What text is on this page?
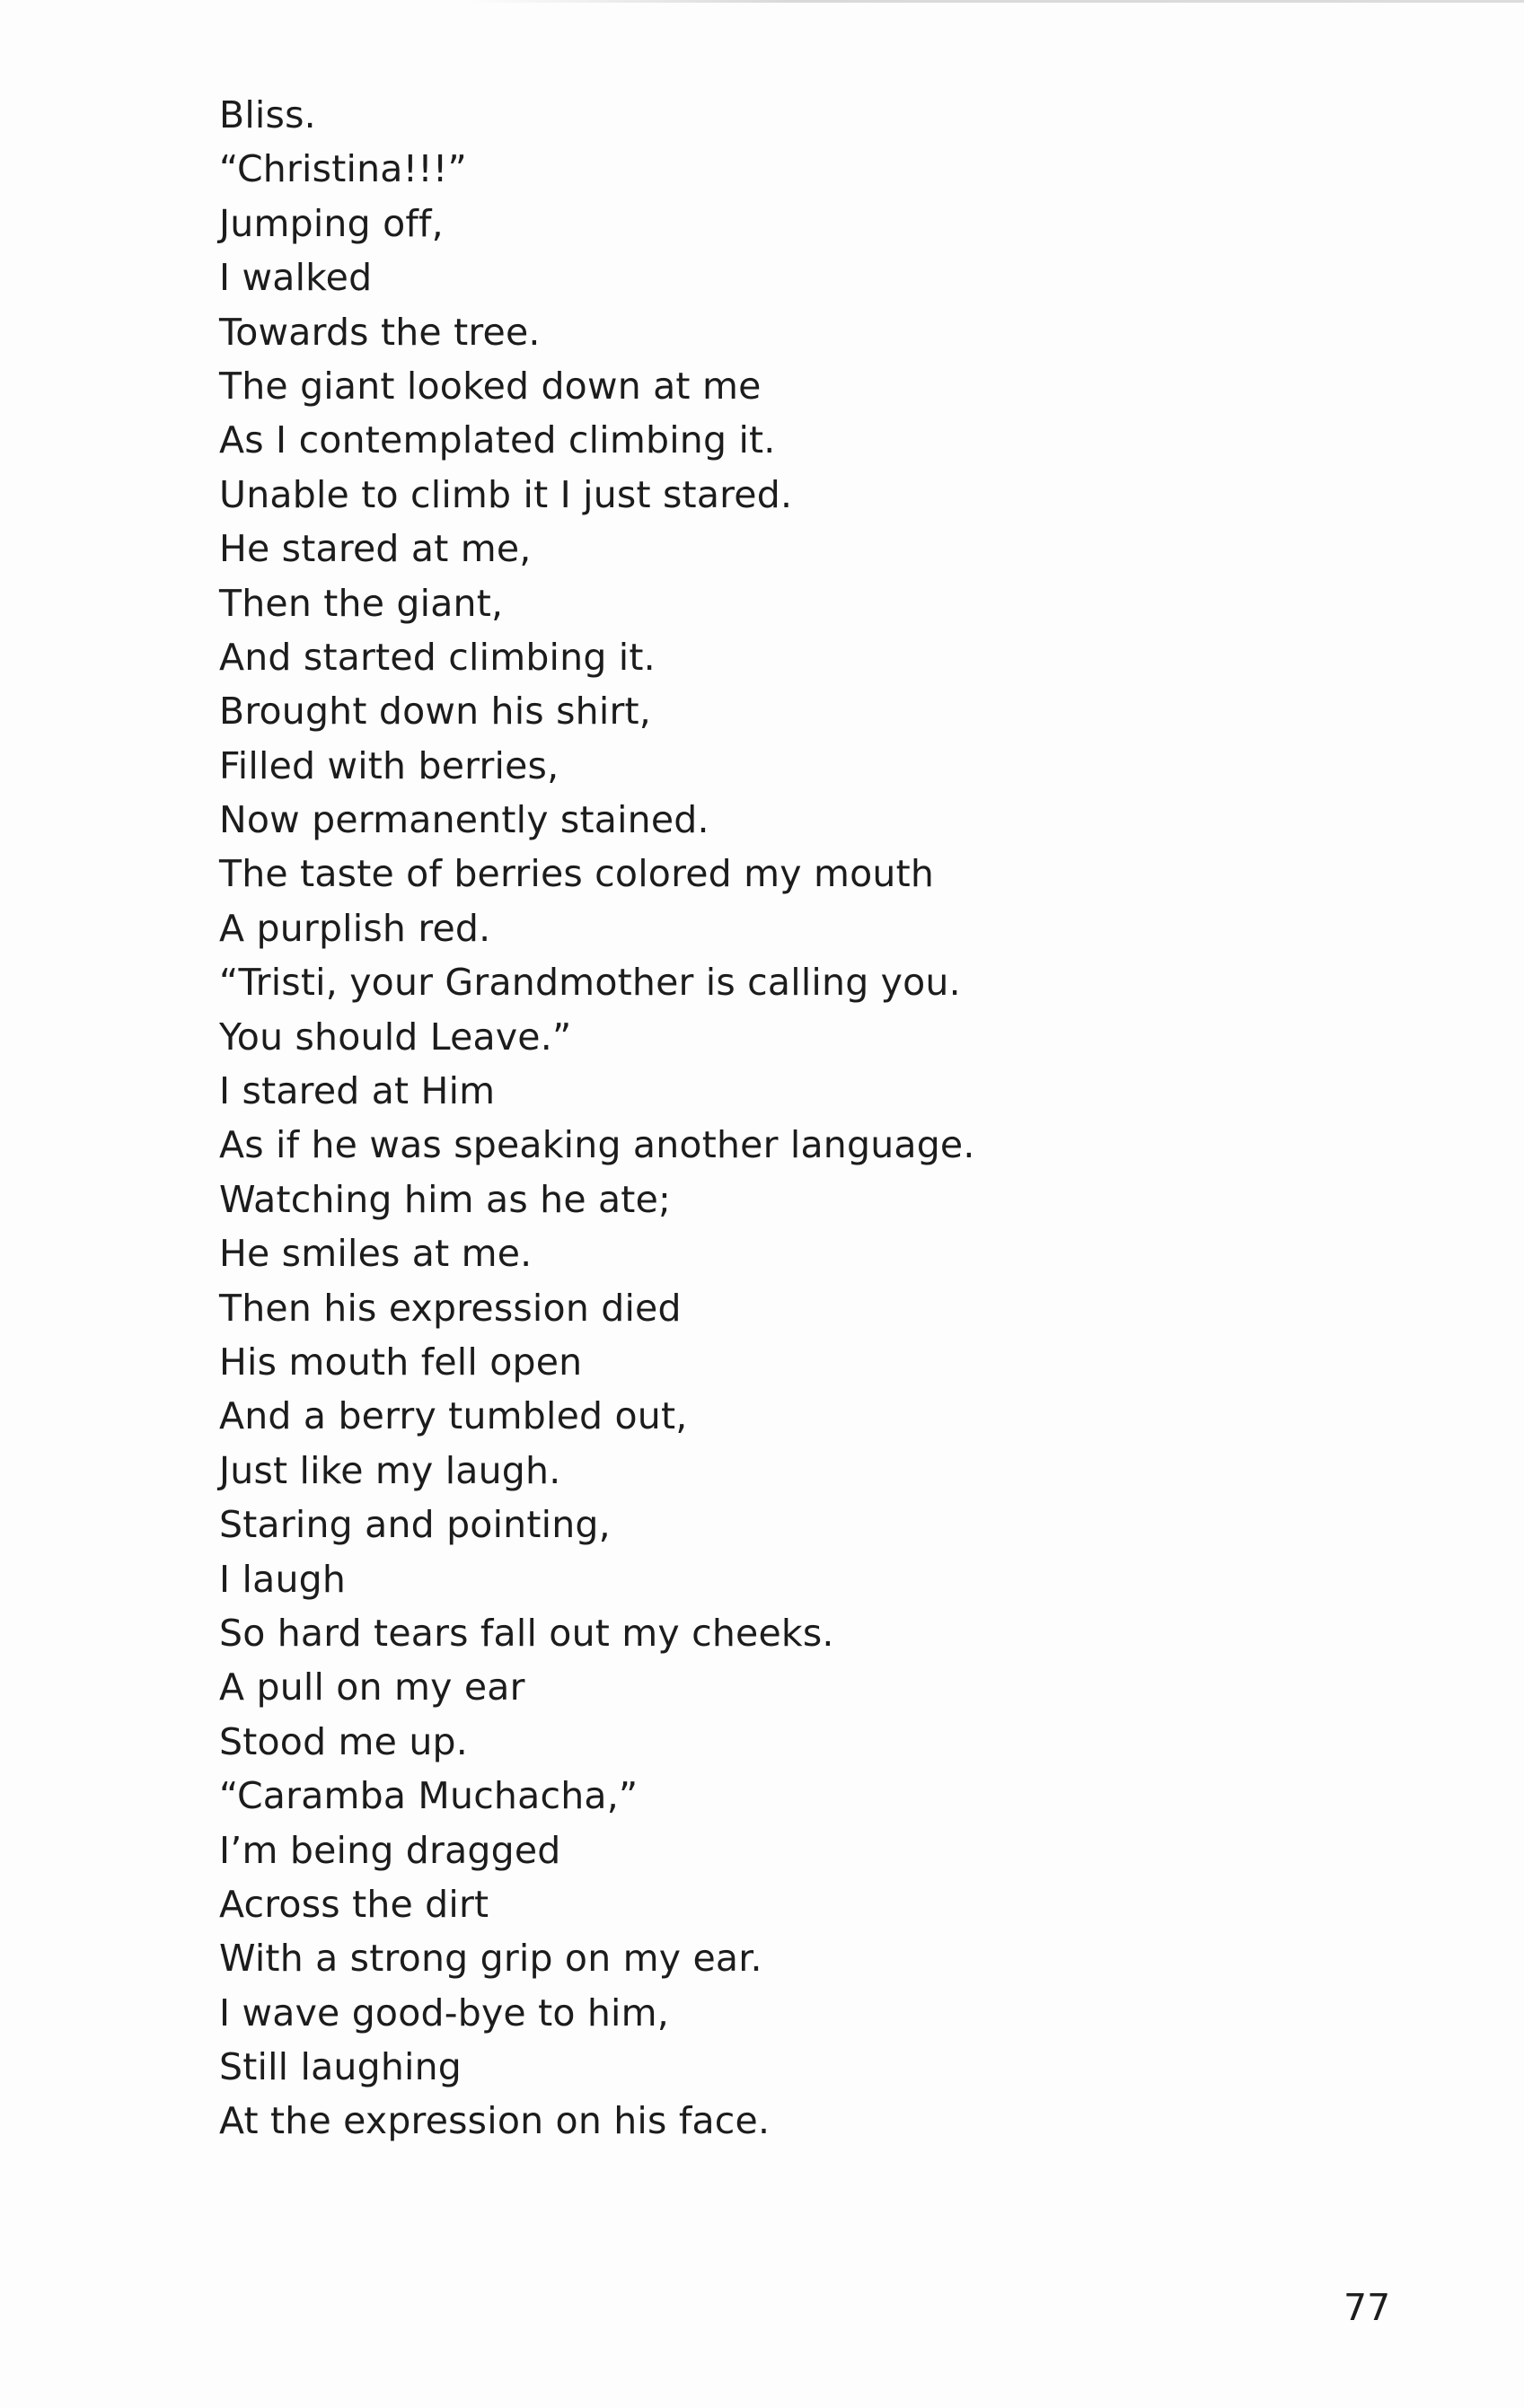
Bliss.
“Christina!!!”
Jumping off,
I walked
Towards the tree.
The giant looked down at me
As I contemplated climbing it.
Unable to climb it I just stared.
He stared at me,
Then the giant,
And started climbing it.
Brought down his shirt,
Filled with berries,
Now permanently stained.
The taste of berries colored my mouth
A purplish red.
“Tristi, your Grandmother is calling you.
You should Leave.”
I stared at Him
As if he was speaking another language.
Watching him as he ate;
He smiles at me.
Then his expression died
His mouth fell open
And a berry tumbled out,
Just like my laugh.
Staring and pointing,
I laugh
So hard tears fall out my cheeks.
A pull on my ear
Stood me up.
“Caramba Muchacha,”
I’m being dragged
Across the dirt
With a strong grip on my ear.
I wave good-bye to him,
Still laughing
At the expression on his face.
77
